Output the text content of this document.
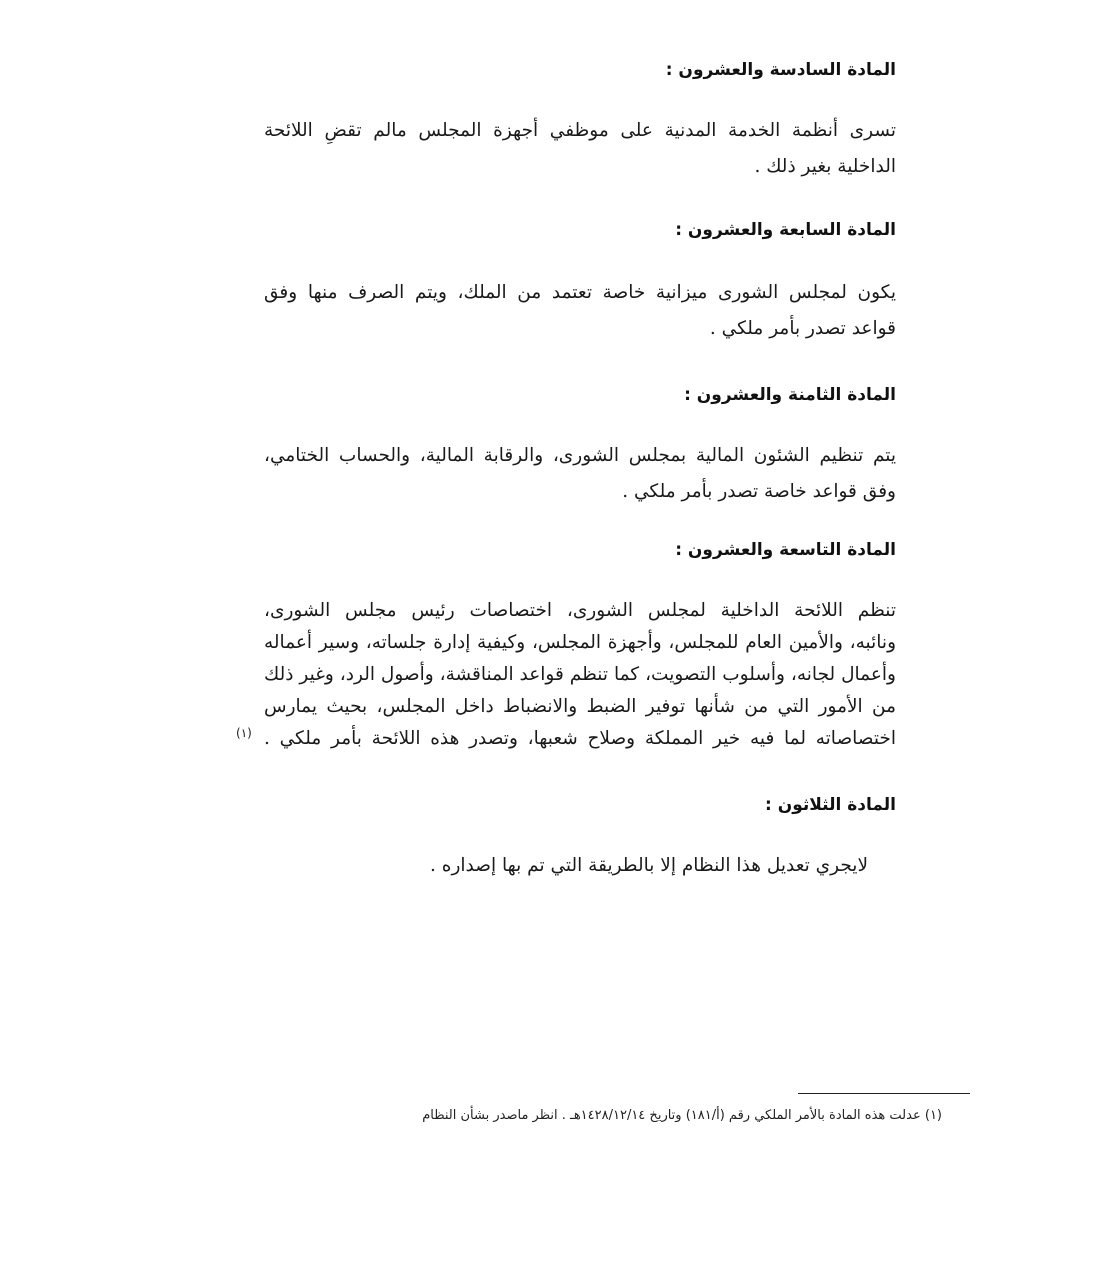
المادة السادسة والعشرون :
تسرى أنظمة الخدمة المدنية على موظفي أجهزة المجلس مالم تقضِ اللائحة
الداخلية بغير ذلك .
المادة السابعة والعشرون :
يكون لمجلس الشورى ميزانية خاصة تعتمد من الملك، ويتم الصرف منها وفق
قواعد تصدر بأمر ملكي .
المادة الثامنة والعشرون :
يتم تنظيم الشئون المالية بمجلس الشورى، والرقابة المالية، والحساب الختامي،
وفق قواعد خاصة تصدر بأمر ملكي .
المادة التاسعة والعشرون :
تنظم اللائحة الداخلية لمجلس الشورى، اختصاصات رئيس مجلس الشورى،
ونائبه، والأمين العام للمجلس، وأجهزة المجلس، وكيفية إدارة جلساته، وسير أعماله
وأعمال لجانه، وأسلوب التصويت، كما تنظم قواعد المناقشة، وأصول الرد، وغير ذلك
من الأمور التي من شأنها توفير الضبط والانضباط داخل المجلس، بحيث يمارس
اختصاصاته لما فيه خير المملكة وصلاح شعبها، وتصدر هذه اللائحة بأمر ملكي .
(١)
المادة الثلاثون :
لايجري تعديل هذا النظام إلا بالطريقة التي تم بها إصداره .
(١) عدلت هذه المادة بالأمر الملكي رقم (أ/١٨١) وتاريخ ١٤٢٨/١٢/١٤هـ . انظر ماصدر بشأن النظام
